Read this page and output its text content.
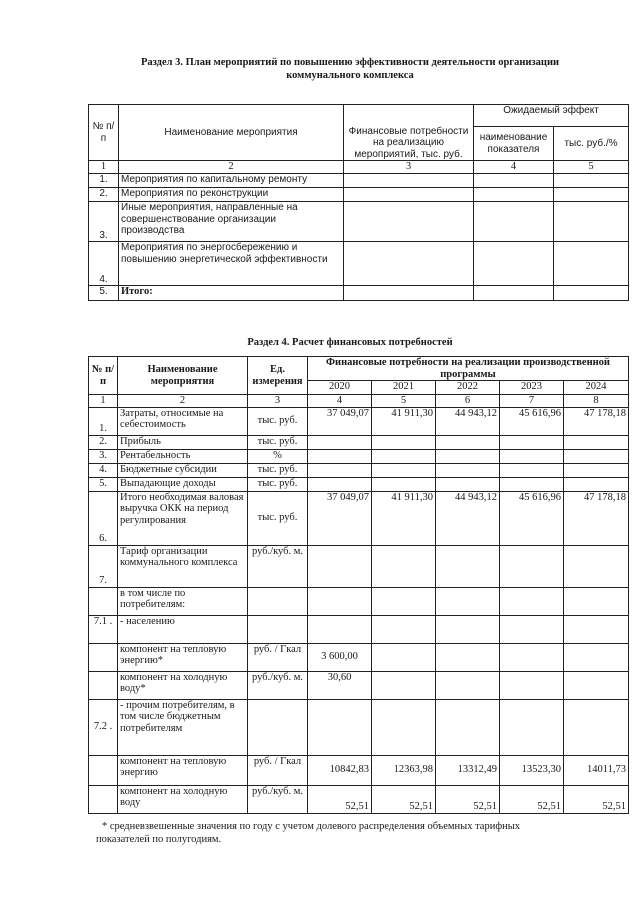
Раздел 3. План мероприятий по повышению эффективности деятельности организации
коммунального комплекса
№ п/п	Наименование мероприятия	Финансовые потребности на реализацию мероприятий, тыс. руб.	Ожидаемый эффект	
			наименование показателя	тыс. руб./%
1	2	3	4	5
1.	Мероприятия по капитальному ремонту			
2.	Мероприятия по реконструкции			
3.	Иные мероприятия, направленные на совершенствование организации производства			
4.	Мероприятия по энергосбережению и повышению энергетической эффективности			
5.	Итого:			
Раздел 4. Расчет финансовых потребностей
№ п/п	Наименование мероприятия	Ед. измерения	Финансовые потребности на реализации производственной программы				
			2020	2021	2022	2023	2024
1	2	3	4	5	6	7	8
1.	Затраты, относимые на себестоимость	тыс. руб.	37 049,07	41 911,30	44 943,12	45 616,96	47 178,18
2.	Прибыль	тыс. руб.					
3.	Рентабельность	%					
4.	Бюджетные субсидии	тыс. руб.					
5.	Выпадающие доходы	тыс. руб.					
6.	Итого необходимая валовая выручка ОКК на период регулирования	тыс. руб.	37 049,07	41 911,30	44 943,12	45 616,96	47 178,18
7.	Тариф организации коммунального комплекса	руб./куб. м.					
	в том числе по потребителям:						
7.1 .	- населению						
	компонент на тепловую энергию*	руб. / Гкал	3 600,00				
	компонент на холодную воду*	руб./куб. м.	30,60				
7.2 .	- прочим потребителям, в том числе бюджетным потребителям						
	компонент на тепловую энергию	руб. / Гкал	10842,83	12363,98	13312,49	13523,30	14011,73
	компонент на холодную воду	руб./куб. м.	52,51	52,51	52,51	52,51	52,51
* средневзвешенные значения по году с учетом долевого распределения объемных тарифных
показателей по полугодиям.
